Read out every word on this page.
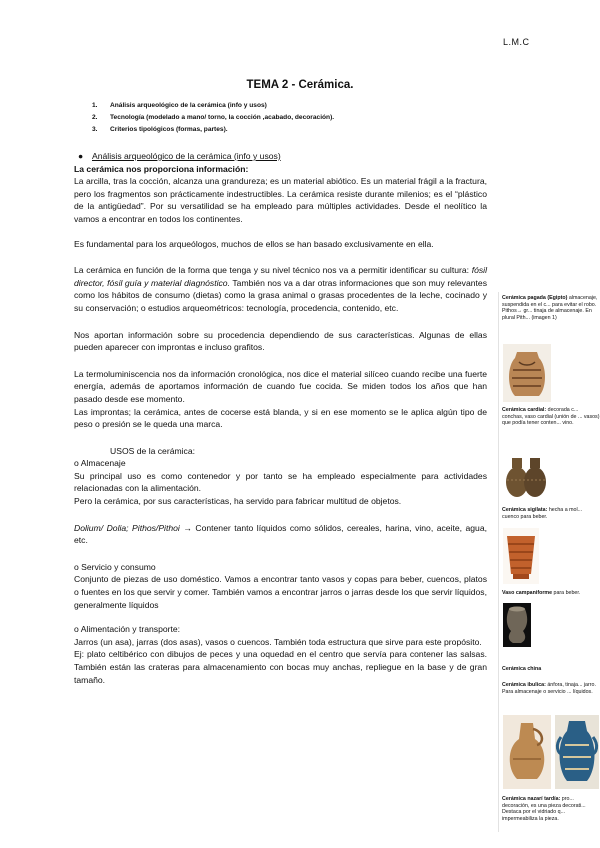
L.M.C
TEMA 2 - Cerámica.
1.	Análisis arqueológico de la cerámica (info y usos)
2.	Tecnología (modelado a mano/ torno, la cocción ,acabado, decoración).
3.	Criterios tipológicos (formas, partes).

● Análisis arqueológico de la cerámica (info y usos)

La cerámica nos proporciona información:

La arcilla, tras la cocción, alcanza una grandureza; es un material abiótico. Es un material frágil a la fractura, pero los fragmentos son prácticamente indestructibles. La cerámica resiste durante milenios; es el “plástico de la antigüedad”. Por su versatilidad se ha empleado para múltiples actividades. Desde el neolítico la vamos a encontrar en todos los continentes.

Es fundamental para los arqueólogos, muchos de ellos se han basado exclusivamente en ella.

La cerámica en función de la forma que tenga y su nivel técnico nos va a permitir identificar su cultura: fósil director, fósil guía y material diagnóstico. También nos va a dar otras informaciones que son muy relevantes como los hábitos de consumo (dietas) como la grasa animal o grasas procedentes de la leche, cocinado y su conservación; o estudios arqueométricos: tecnología, procedencia, contenido, etc.

Nos aportan información sobre su procedencia dependiendo de sus características. Algunas de ellas pueden aparecer con improntas e incluso grafitos.

La termoluminiscencia nos da información cronológica, nos dice el material silíceo cuando recibe una fuerte energía, además de aportamos información de cuando fue cocida. Se miden todos los años que han pasado desde ese momento.

Las improntas; la cerámica, antes de cocerse está blanda, y si en ese momento se le aplica algún tipo de peso o presión se le queda una marca.

USOS de la cerámica:

o Almacenaje

Su principal uso es como contenedor y por tanto se ha empleado especialmente para actividades relacionadas con la alimentación.

Pero la cerámica, por sus características, ha servido para fabricar multitud de objetos.

Dolium/ Dolia; Pithos/Pithoi → Contener tanto líquidos como sólidos, cereales, harina, vino, aceite, agua, etc.

o Servicio y consumo

Conjunto de piezas de uso doméstico. Vamos a encontrar tanto vasos y copas para beber, cuencos, platos o fuentes en los que servir y comer. También vamos a encontrar jarros o jarras desde los que servir líquidos, generalmente líquidos

o Alimentación y transporte:

Jarros (un asa), jarras (dos asas), vasos o cuencos. También toda estructura que sirve para este propósito.

Ej: plato celtibérico con dibujos de peces y una oquedad en el centro que servía para contener las salsas. También están las crateras para almacenamiento con bocas muy anchas, repliegue en la base y de gran tamaño.

Cerámica pagada (Egipto) almacenaje, suspendida en el c... para evitar el robo. Pithos→ gr... tinaja de almacenaje. En plural Pith... (imagen 1)

Cerámica cardial: decorada c... conchas, vaso cardial (unión de ... vasos) que podía tener conten... vino.

Cerámica sigilata: hecha a mol... cuenco para beber.

Vaso campaniforme para beber.

Cerámica china

Cerámica ibulica: ánfora, tinaja... jarro. Para almacenaje o servicio ... líquidos.

Cerámica nazarí tardía: pro... decoración, es una pieza decorati... Destaca por el vidriado q... impermeabiliza la pieza.
